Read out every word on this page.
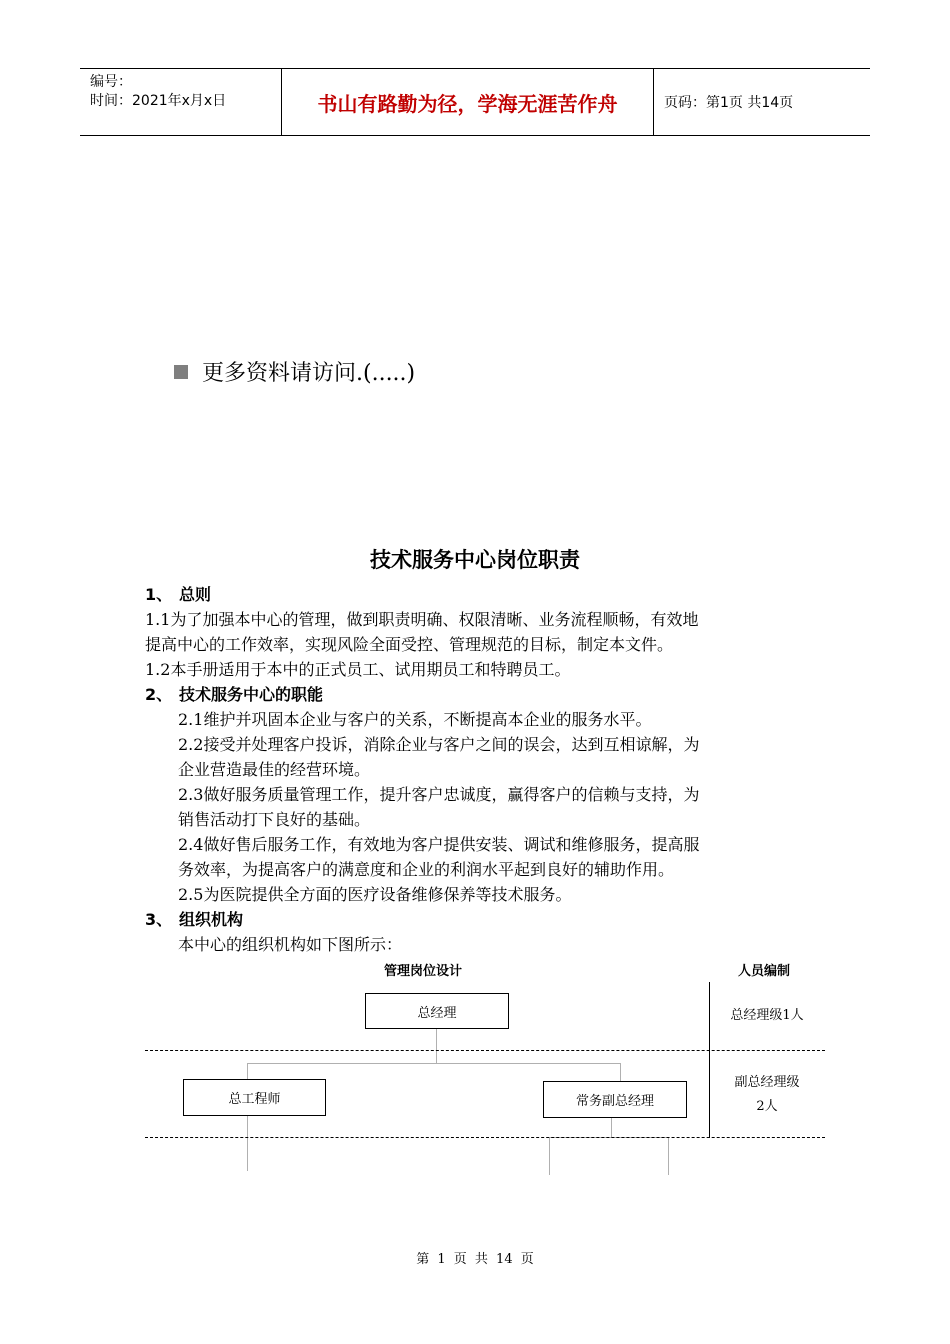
编号：
时间：2021年x月x日	书山有路勤为径，学海无涯苦作舟	页码：第1页 共14页
更多资料请访问.(.....)
技术服务中心岗位职责
1、 总则
1.1为了加强本中心的管理，做到职责明确、权限清晰、业务流程顺畅，有效地
提高中心的工作效率，实现风险全面受控、管理规范的目标，制定本文件。
1.2本手册适用于本中的正式员工、试用期员工和特聘员工。
2、 技术服务中心的职能
2.1维护并巩固本企业与客户的关系，不断提高本企业的服务水平。
2.2接受并处理客户投诉，消除企业与客户之间的误会，达到互相谅解，为
企业营造最佳的经营环境。
2.3做好服务质量管理工作，提升客户忠诚度，赢得客户的信赖与支持，为
销售活动打下良好的基础。
2.4做好售后服务工作，有效地为客户提供安装、调试和维修服务，提高服
务效率，为提高客户的满意度和企业的利润水平起到良好的辅助作用。
2.5为医院提供全方面的医疗设备维修保养等技术服务。
3、 组织机构
本中心的组织机构如下图所示：
管理岗位设计	人员编制
总经理
总工程师	常务副总经理
总经理级1人
副总经理级
2人
第 1 页 共 14 页
